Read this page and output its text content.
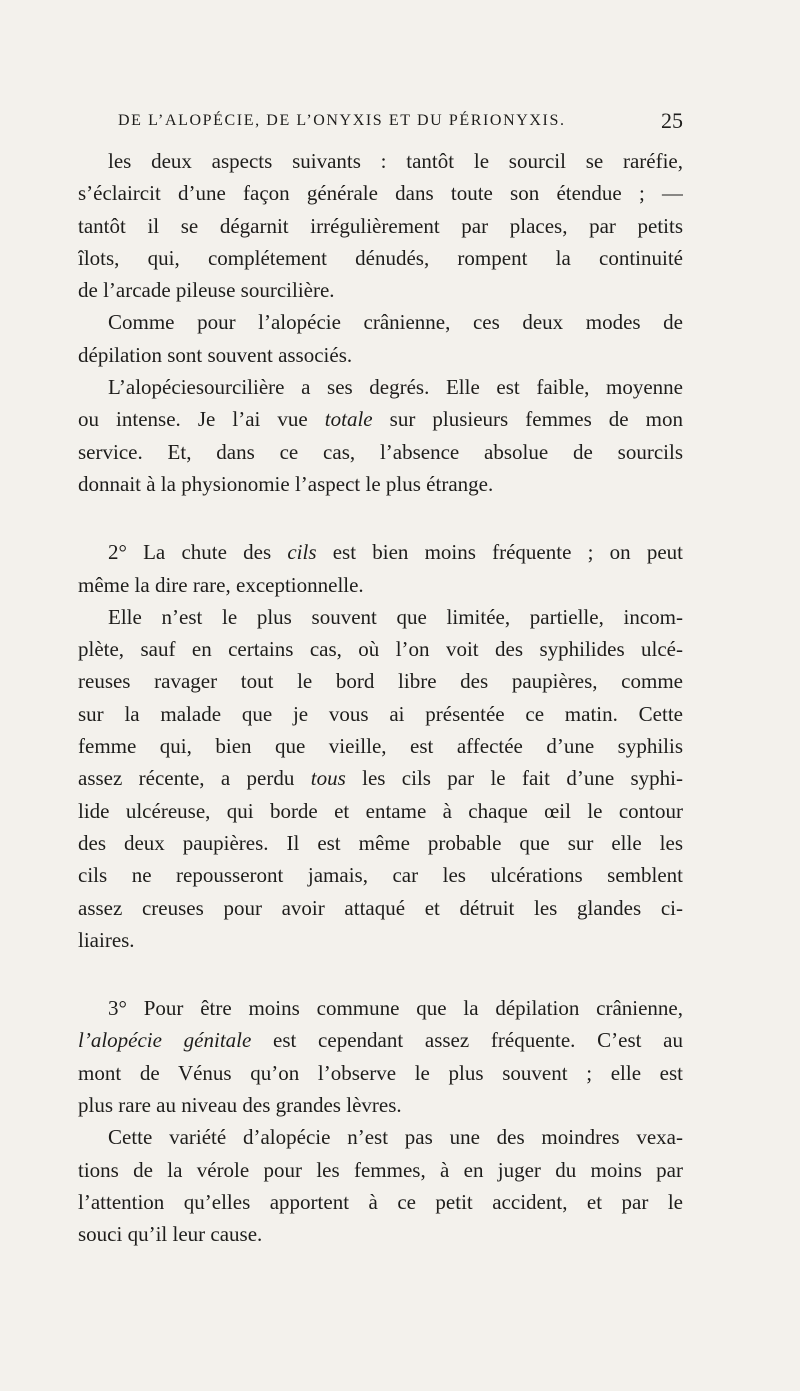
DE L’ALOPÉCIE, DE L’ONYXIS ET DU PÉRIONYXIS.	25
les deux aspects suivants : tantôt le sourcil se raréfie,
s’éclaircit d’une façon générale dans toute son étendue ; —
tantôt il se dégarnit irrégulièrement par places, par petits
îlots, qui, complétement dénudés, rompent la continuité
de l’arcade pileuse sourcilière.
Comme pour l’alopécie crânienne, ces deux modes de
dépilation sont souvent associés.
L’alopéciesourcilière a ses degrés. Elle est faible, moyenne
ou intense. Je l’ai vue totale sur plusieurs femmes de mon
service. Et, dans ce cas, l’absence absolue de sourcils
donnait à la physionomie l’aspect le plus étrange.
2° La chute des cils est bien moins fréquente ; on peut
même la dire rare, exceptionnelle.
Elle n’est le plus souvent que limitée, partielle, incom-
plète, sauf en certains cas, où l’on voit des syphilides ulcé-
reuses ravager tout le bord libre des paupières, comme
sur la malade que je vous ai présentée ce matin. Cette
femme qui, bien que vieille, est affectée d’une syphilis
assez récente, a perdu tous les cils par le fait d’une syphi-
lide ulcéreuse, qui borde et entame à chaque œil le contour
des deux paupières. Il est même probable que sur elle les
cils ne repousseront jamais, car les ulcérations semblent
assez creuses pour avoir attaqué et détruit les glandes ci-
liaires.
3° Pour être moins commune que la dépilation crânienne,
l’alopécie génitale est cependant assez fréquente. C’est au
mont de Vénus qu’on l’observe le plus souvent ; elle est
plus rare au niveau des grandes lèvres.
Cette variété d’alopécie n’est pas une des moindres vexa-
tions de la vérole pour les femmes, à en juger du moins par
l’attention qu’elles apportent à ce petit accident, et par le
souci qu’il leur cause.
